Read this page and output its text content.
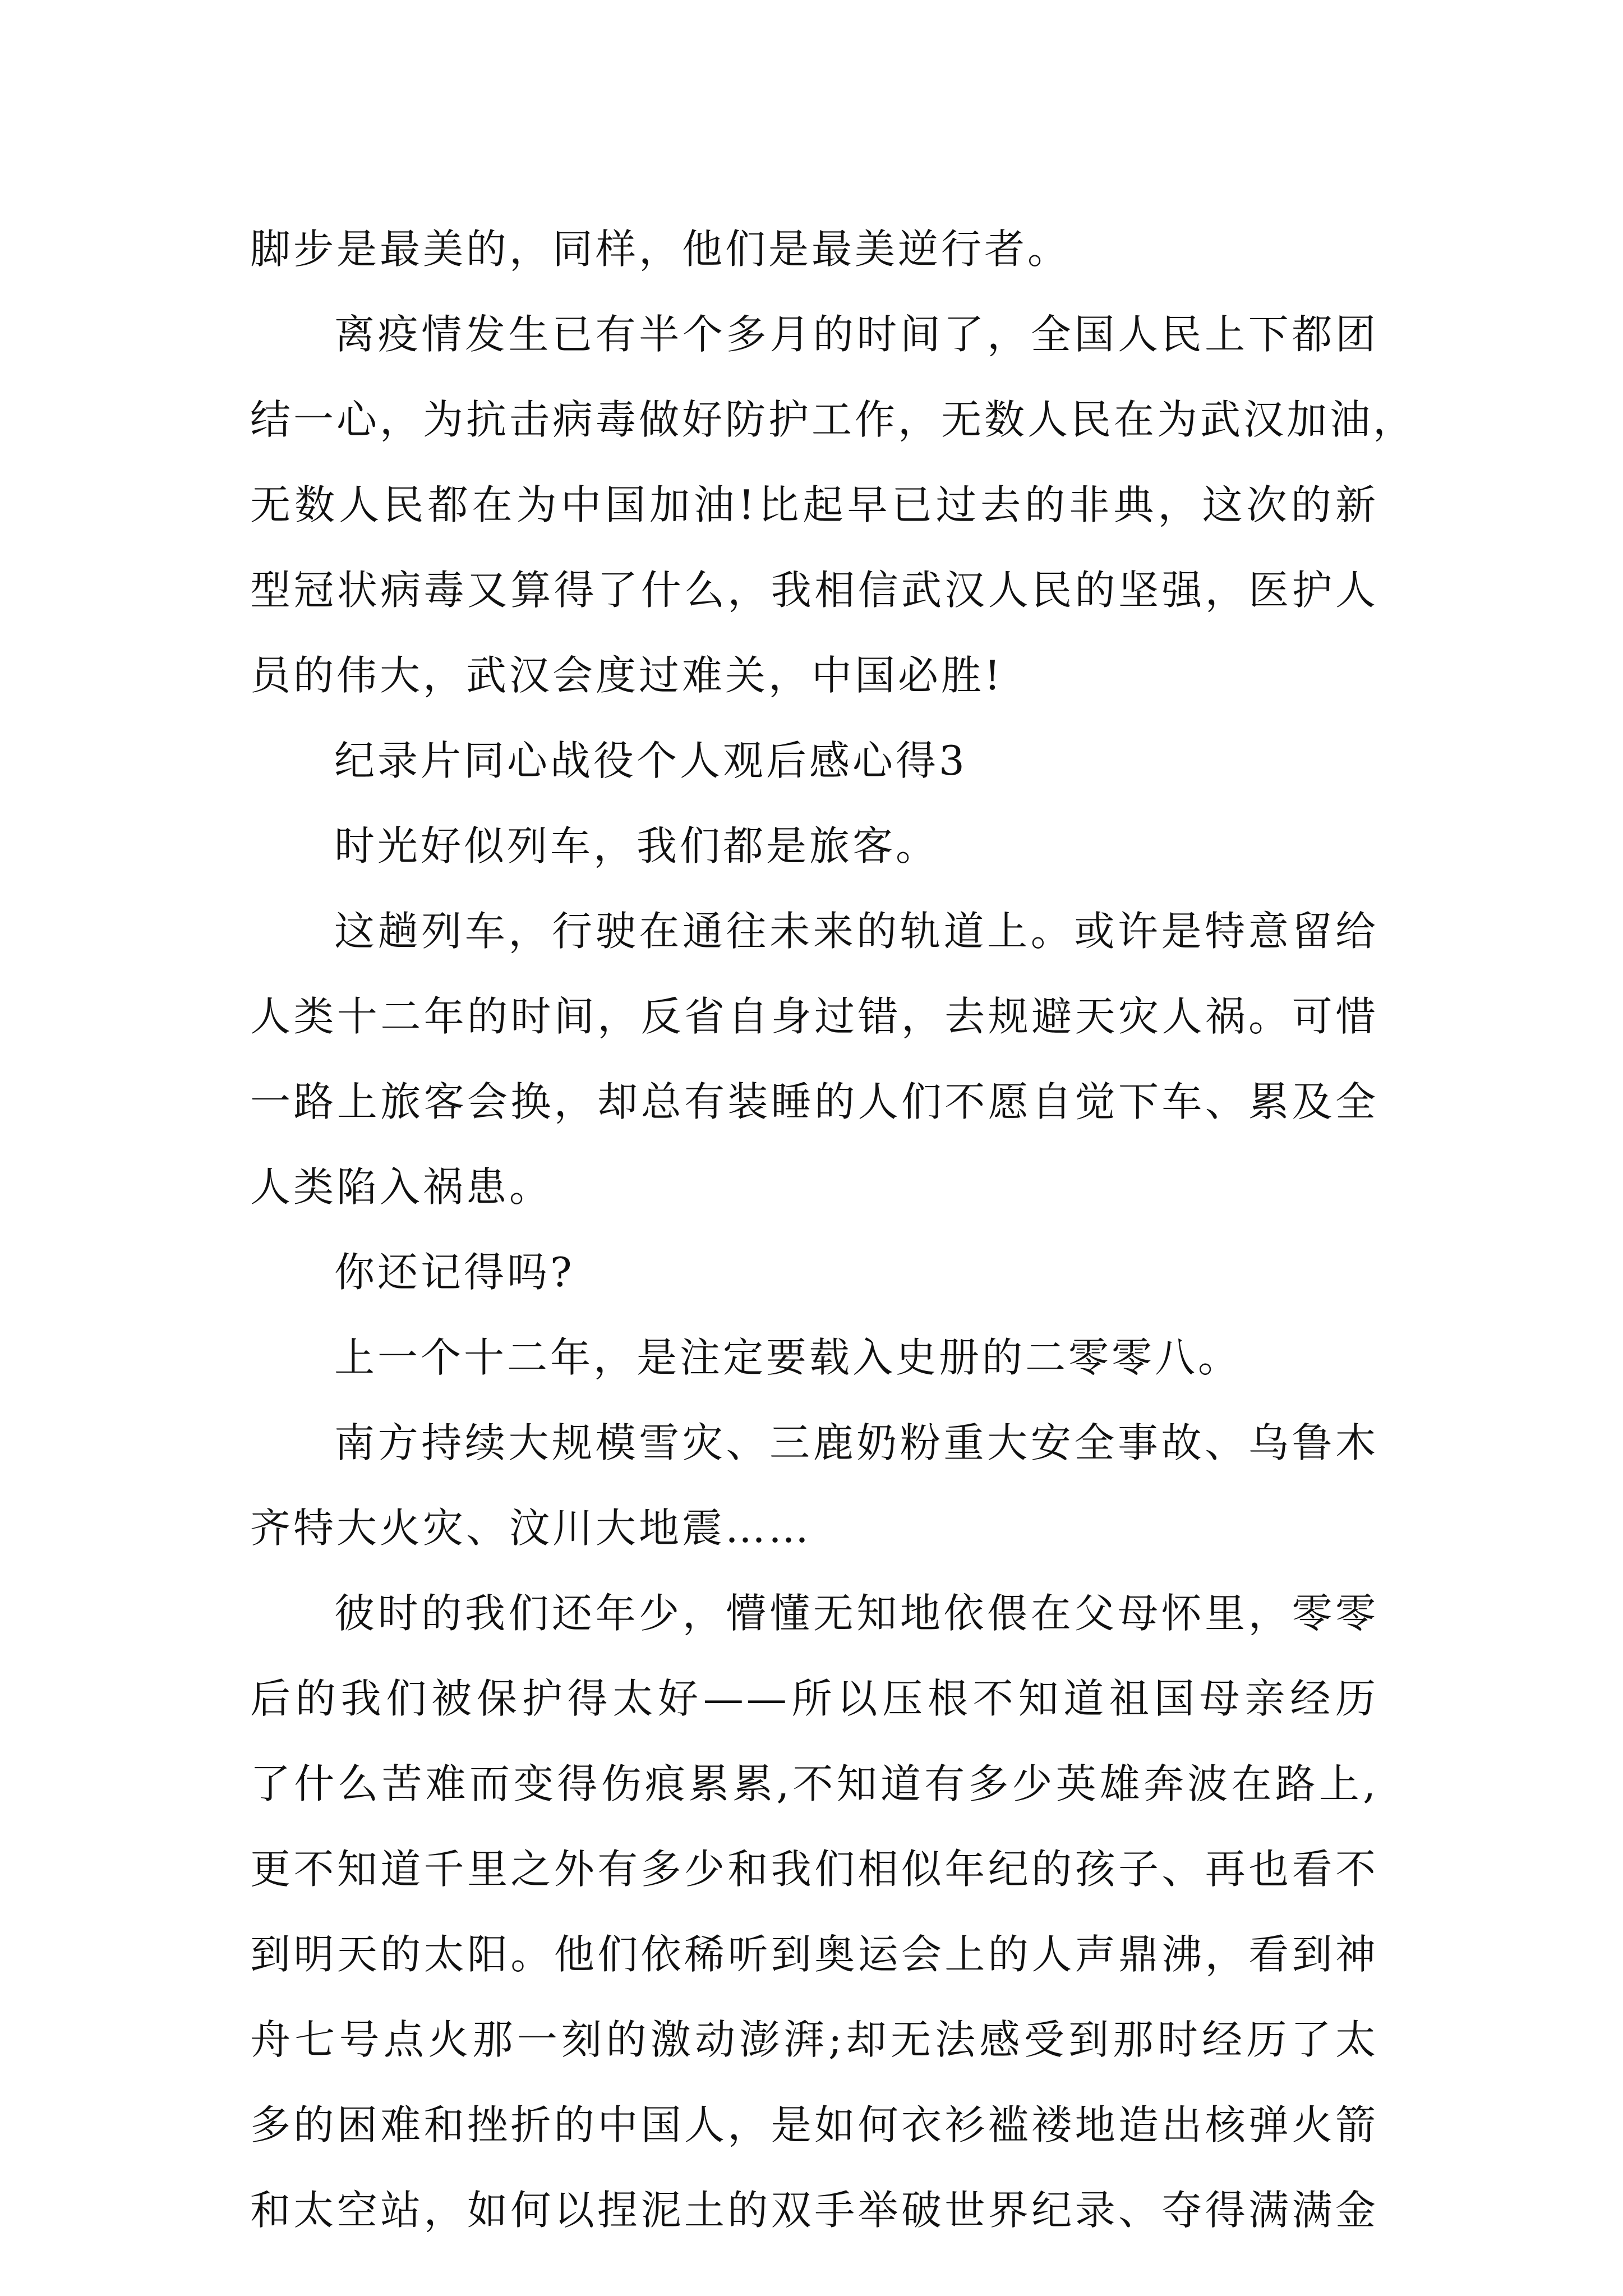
脚步是最美的，同样，他们是最美逆行者。
离疫情发生已有半个多月的时间了，全国人民上下都团
结一心，为抗击病毒做好防护工作，无数人民在为武汉加油，
无数人民都在为中国加油!比起早已过去的非典，这次的新
型冠状病毒又算得了什么，我相信武汉人民的坚强，医护人
员的伟大，武汉会度过难关，中国必胜!
纪录片同心战役个人观后感心得3
时光好似列车，我们都是旅客。
这趟列车，行驶在通往未来的轨道上。或许是特意留给
人类十二年的时间，反省自身过错，去规避天灾人祸。可惜
一路上旅客会换，却总有装睡的人们不愿自觉下车、累及全
人类陷入祸患。
你还记得吗?
上一个十二年，是注定要载入史册的二零零八。
南方持续大规模雪灾、三鹿奶粉重大安全事故、乌鲁木
齐特大火灾、汶川大地震……
彼时的我们还年少，懵懂无知地依偎在父母怀里，零零
后的我们被保护得太好——所以压根不知道祖国母亲经历
了什么苦难而变得伤痕累累,不知道有多少英雄奔波在路上,
更不知道千里之外有多少和我们相似年纪的孩子、再也看不
到明天的太阳。他们依稀听到奥运会上的人声鼎沸，看到神
舟七号点火那一刻的激动澎湃;却无法感受到那时经历了太
多的困难和挫折的中国人，是如何衣衫褴褛地造出核弹火箭
和太空站，如何以捏泥土的双手举破世界纪录、夺得满满金
